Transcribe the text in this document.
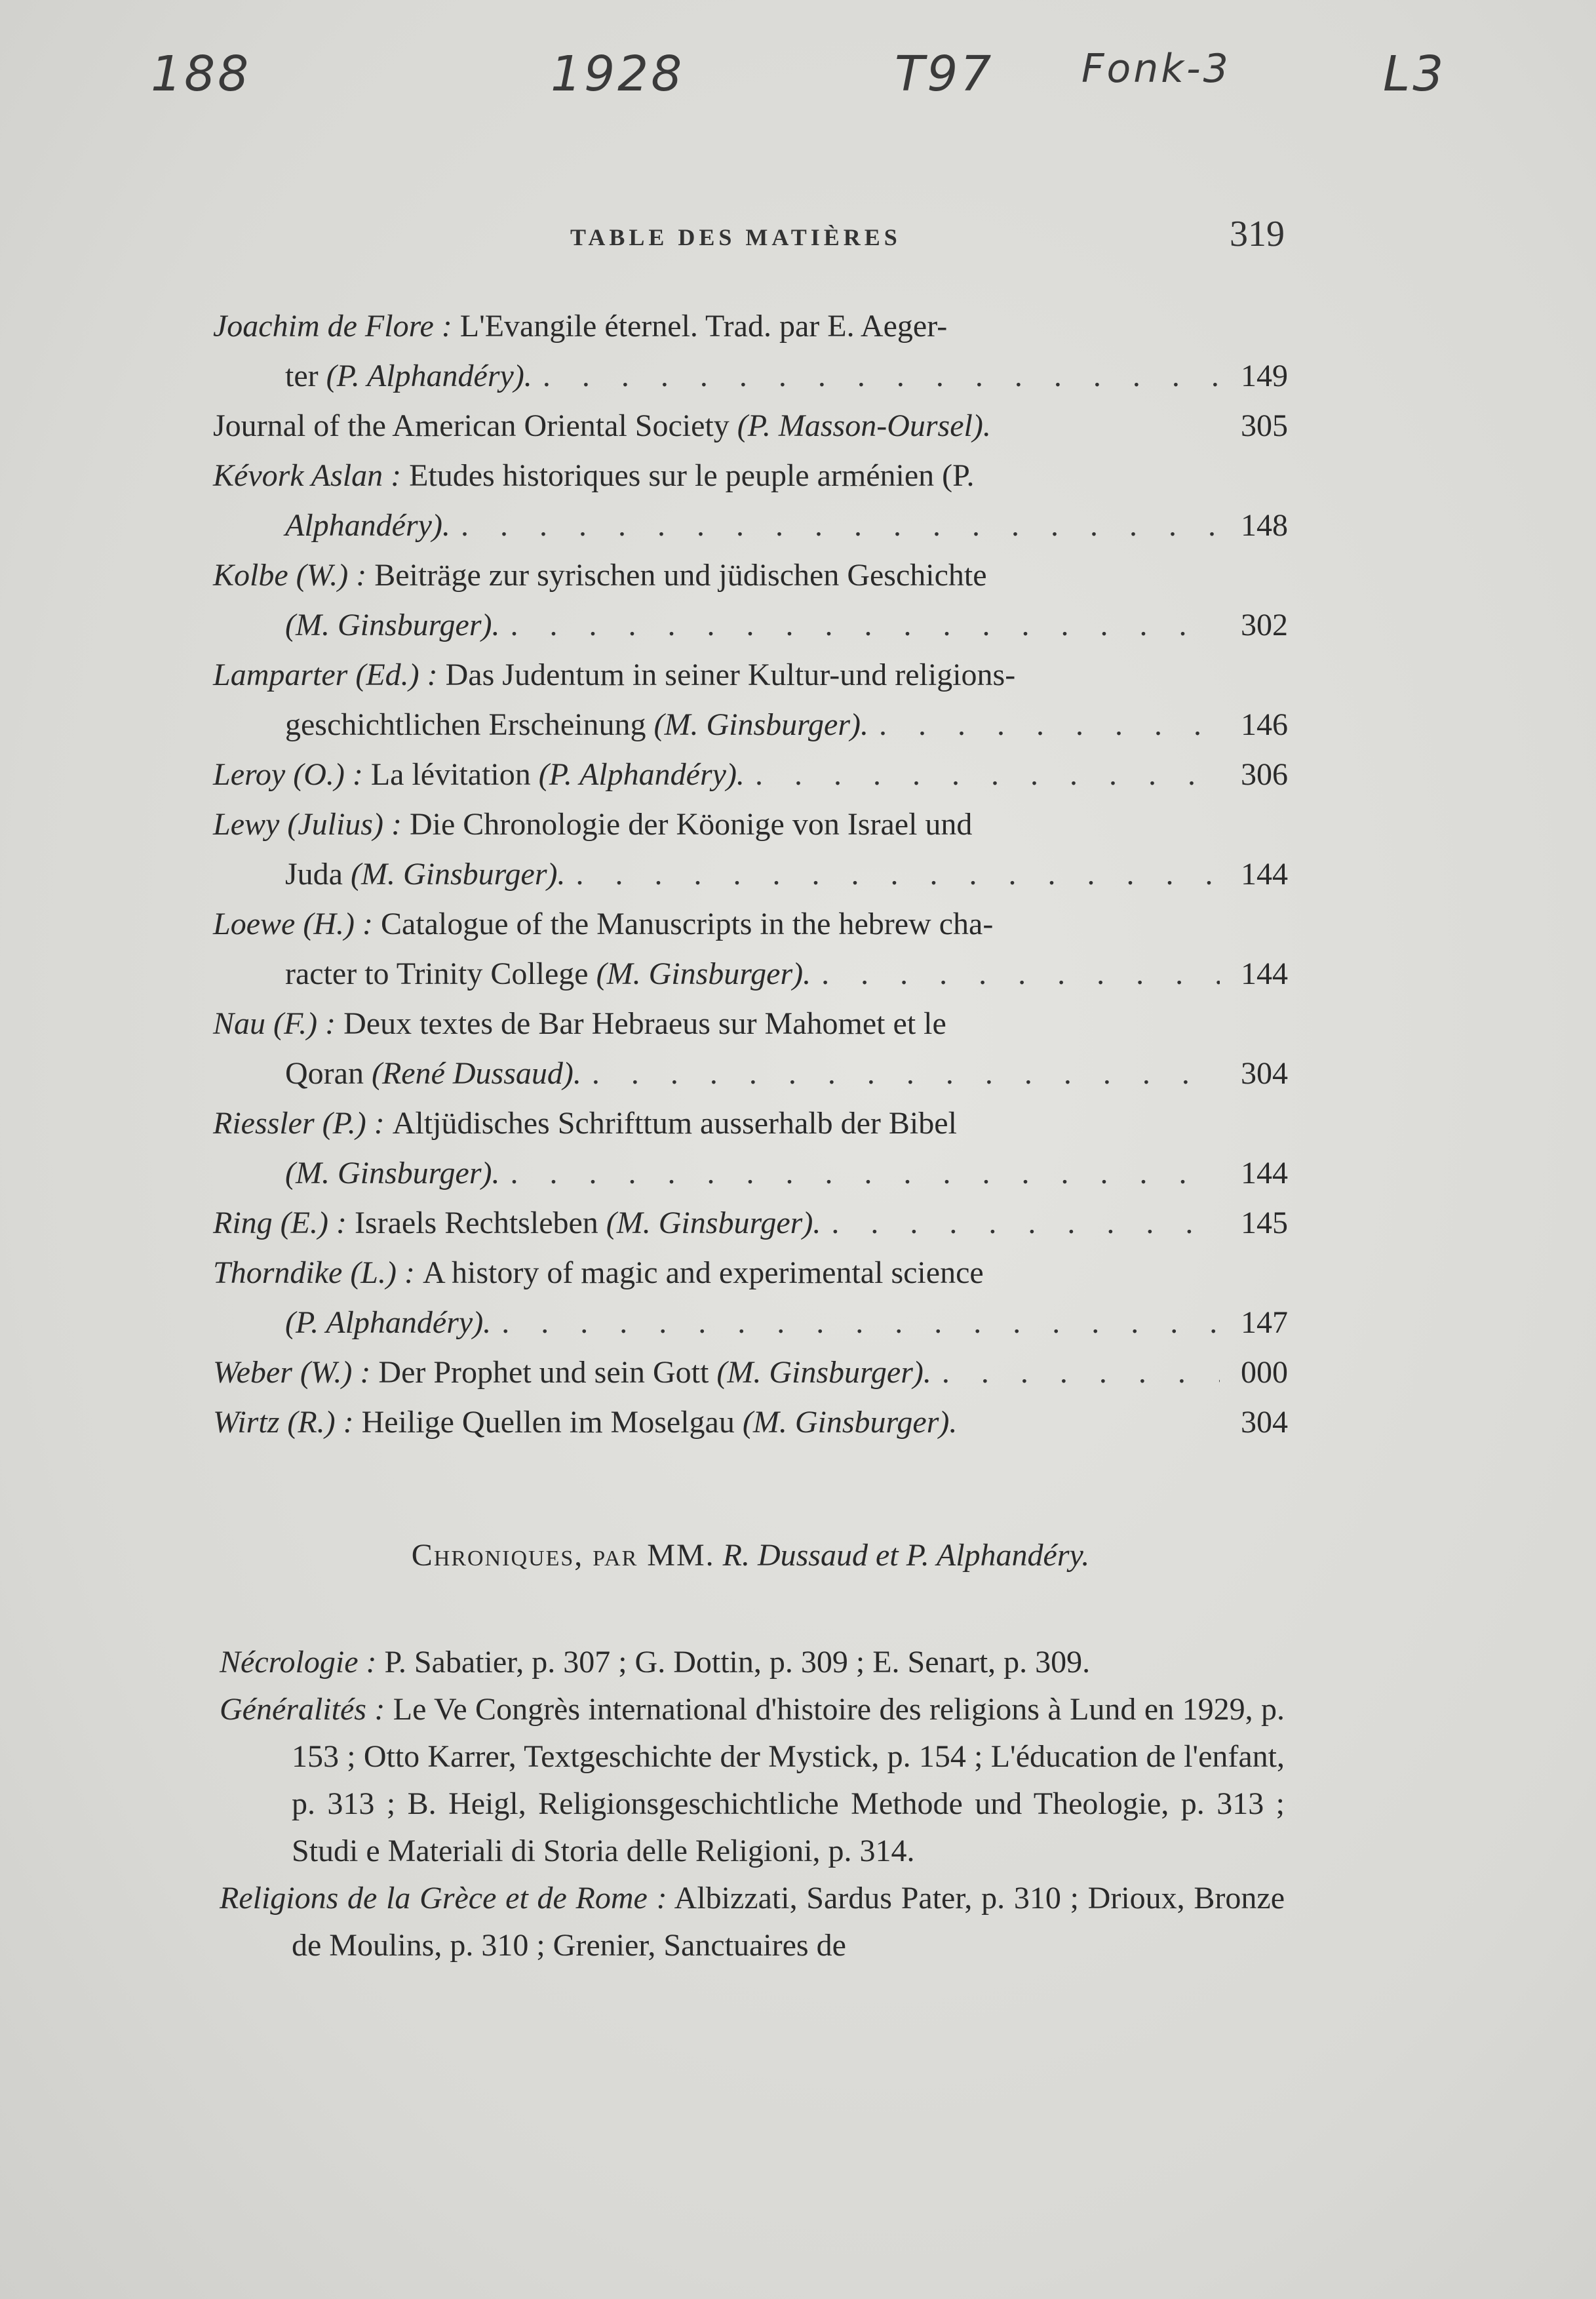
188	1928	T97 Fonk-3	L3
TABLE DES MATIÈRES	319
Joachim de Flore :
L'Evangile éternel. Trad. par E. Aeger-
ter
(P. Alphandéry). . . .	149
Journal of the American Oriental Society
(P. Masson-Oursel).	305
Kévork Aslan :
Etudes historiques sur le peuple arménien (P.
Alphandéry). . . .	148
Kolbe (W.) :
Beiträge zur syrischen und jüdischen Geschichte
(M. Ginsburger). . . .	302
Lamparter (Ed.) :
Das Judentum in seiner Kultur-und religions-
geschichtlichen Erscheinung
(M. Ginsburger). . . .	146
Leroy (O.) :
La lévitation
(P. Alphandéry). . . .	306
Lewy (Julius) :
Die Chronologie der Köonige von Israel und
Juda
(M. Ginsburger). . . .	144
Loewe (H.) :
Catalogue of the Manuscripts in the hebrew cha-
racter to Trinity College
(M. Ginsburger). . . .	144
Nau (F.) :
Deux textes de Bar Hebraeus sur Mahomet et le
Qoran
(René Dussaud). . . .	304
Riessler (P.) :
Altjüdisches Schrifttum ausserhalb der Bibel
(M. Ginsburger). . . .	144
Ring (E.) :
Israels Rechtsleben
(M. Ginsburger). . . .	145
Thorndike (L.) :
A history of magic and experimental science
(P. Alphandéry). . . .	147
Weber (W.) :
Der Prophet und sein Gott
(M. Ginsburger). . . .	000
Wirtz (R.) :
Heilige Quellen im Moselgau
(M. Ginsburger).	304
Chroniques, par MM. R. Dussaud et P. Alphandéry.

Nécrologie : P. Sabatier, p. 307 ; G. Dottin, p. 309 ; E. Senart, p. 309.

Généralités : Le Ve Congrès international d'histoire des religions à Lund en 1929, p. 153 ; Otto Karrer, Textgeschichte der Mystick, p. 154 ; L'éducation de l'enfant, p. 313 ; B. Heigl, Religionsgeschichtliche Methode und Theologie, p. 313 ; Studi e Materiali di Storia delle Religioni, p. 314.

Religions de la Grèce et de Rome : Albizzati, Sardus Pater, p. 310 ; Drioux, Bronze de Moulins, p. 310 ; Grenier, Sanctuaires de
